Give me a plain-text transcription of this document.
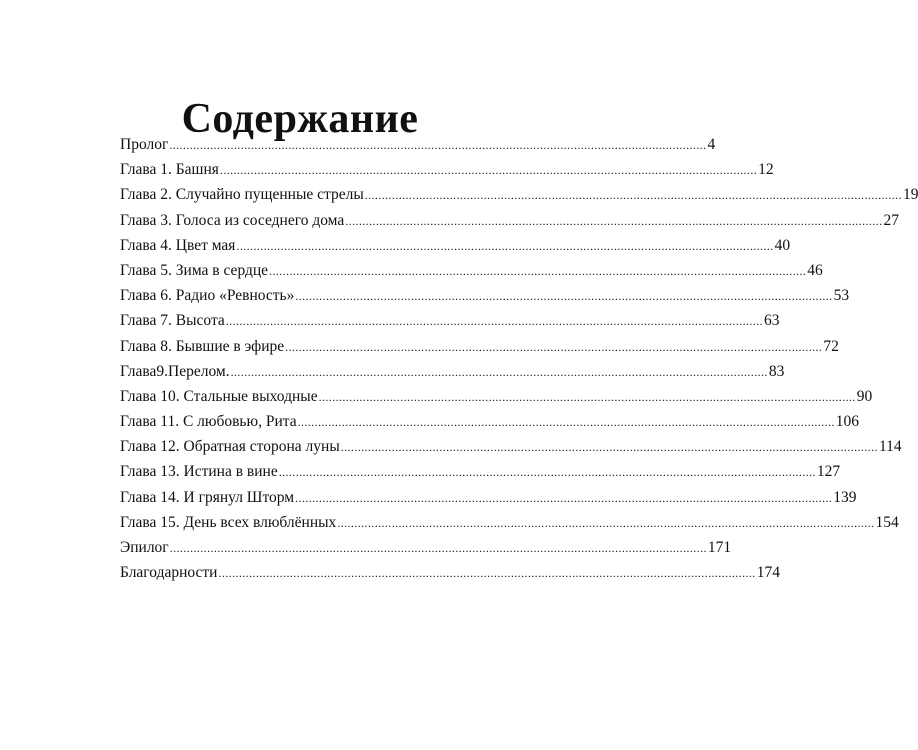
Содержание
Пролог .............................................................................................................................................................. 4
Глава 1. Башня .............................................................................................................................................................. 12
Глава 2. Случайно пущенные стрелы .............................................................................................................................................................. 19
Глава 3. Голоса из соседнего дома .............................................................................................................................................................. 27
Глава 4. Цвет мая .............................................................................................................................................................. 40
Глава 5. Зима в сердце .............................................................................................................................................................. 46
Глава 6. Радио «Ревность» .............................................................................................................................................................. 53
Глава 7. Высота .............................................................................................................................................................. 63
Глава 8. Бывшие в эфире .............................................................................................................................................................. 72
Глава9.Перелом. .............................................................................................................................................................. 83
Глава 10. Стальные выходные .............................................................................................................................................................. 90
Глава 11. С любовью, Рита .............................................................................................................................................................. 106
Глава 12. Обратная сторона луны .............................................................................................................................................................. 114
Глава 13. Истина в вине .............................................................................................................................................................. 127
Глава 14. И грянул Шторм .............................................................................................................................................................. 139
Глава 15. День всех влюблённых .............................................................................................................................................................. 154
Эпилог .............................................................................................................................................................. 171
Благодарности .............................................................................................................................................................. 174
